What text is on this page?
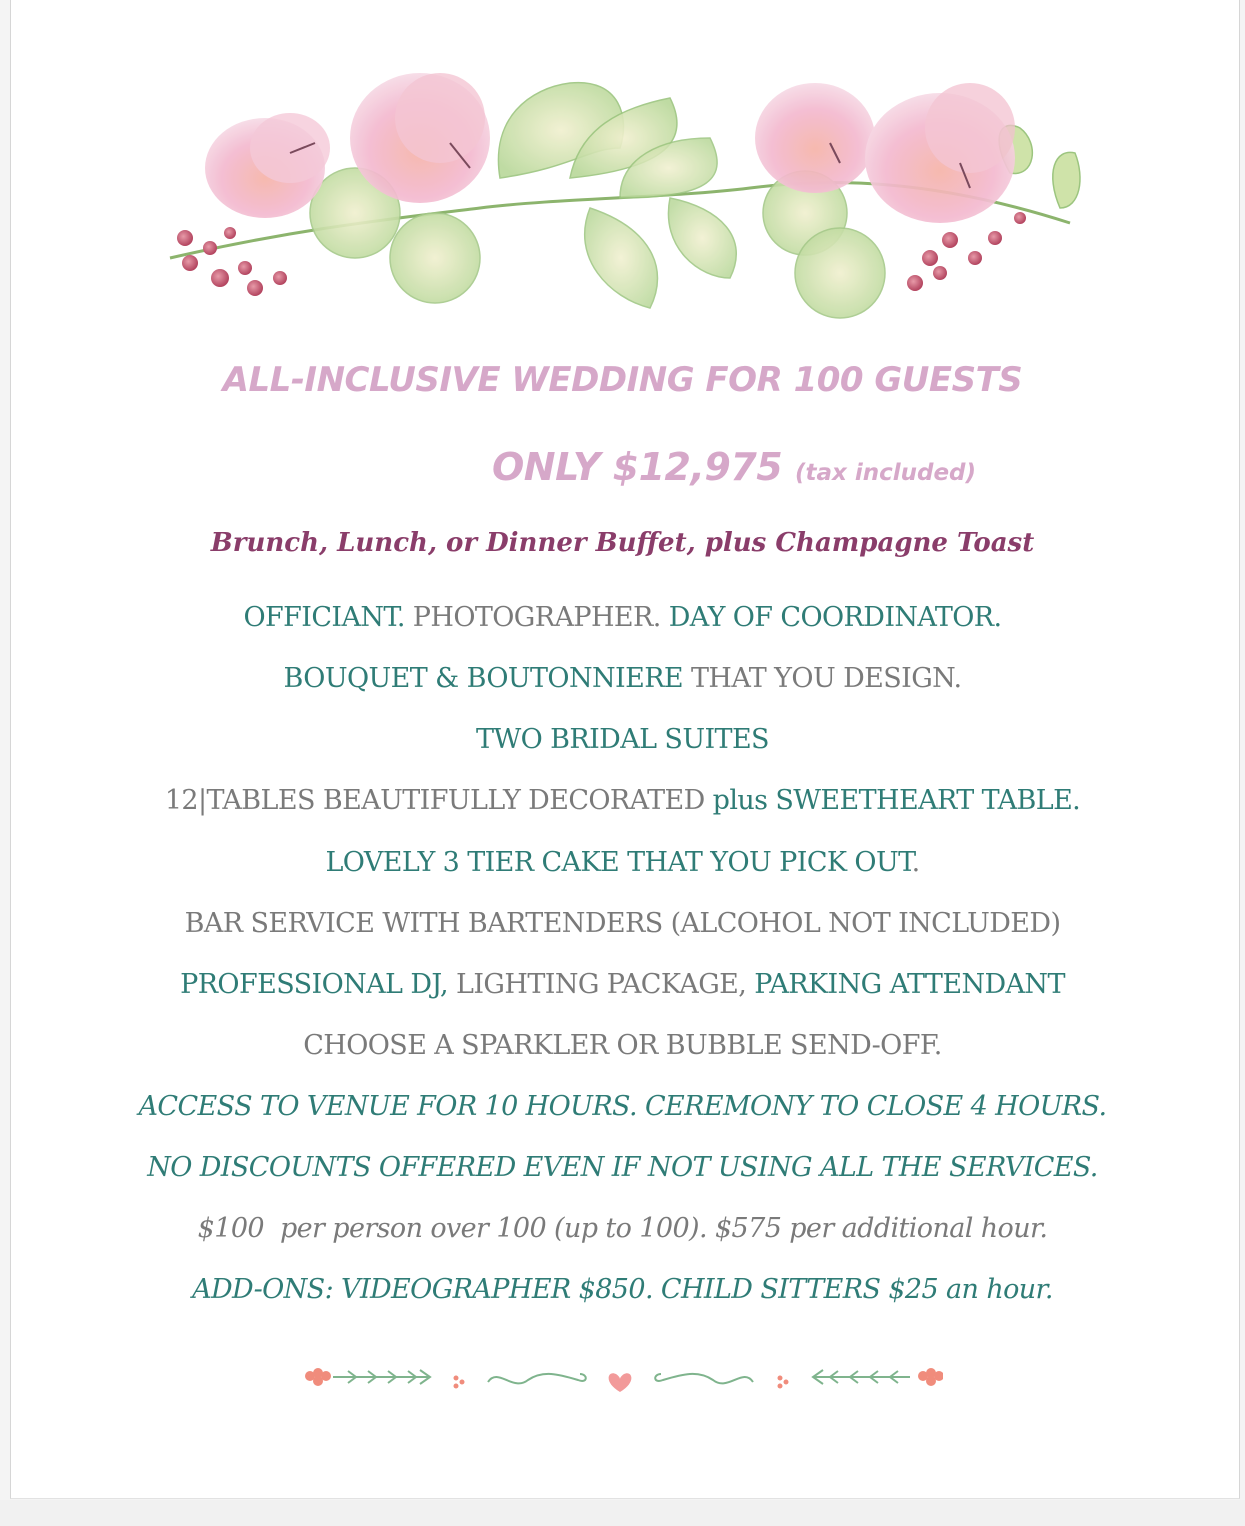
ALL-INCLUSIVE WEDDING FOR 100 GUESTS
ONLY $12,975 (tax included)
Brunch, Lunch, or Dinner Buffet, plus Champagne Toast
OFFICIANT. PHOTOGRAPHER. DAY OF COORDINATOR.
BOUQUET & BOUTONNIERE THAT YOU DESIGN.
TWO BRIDAL SUITES
12|TABLES BEAUTIFULLY DECORATED plus SWEETHEART TABLE.
LOVELY 3 TIER CAKE THAT YOU PICK OUT.
BAR SERVICE WITH BARTENDERS (ALCOHOL NOT INCLUDED)
PROFESSIONAL DJ, LIGHTING PACKAGE, PARKING ATTENDANT
CHOOSE A SPARKLER OR BUBBLE SEND-OFF.
ACCESS TO VENUE FOR 10 HOURS. CEREMONY TO CLOSE 4 HOURS.
NO DISCOUNTS OFFERED EVEN IF NOT USING ALL THE SERVICES.
$100  per person over 100 (up to 100). $575 per additional hour.
ADD-ONS: VIDEOGRAPHER $850. CHILD SITTERS $25 an hour.
